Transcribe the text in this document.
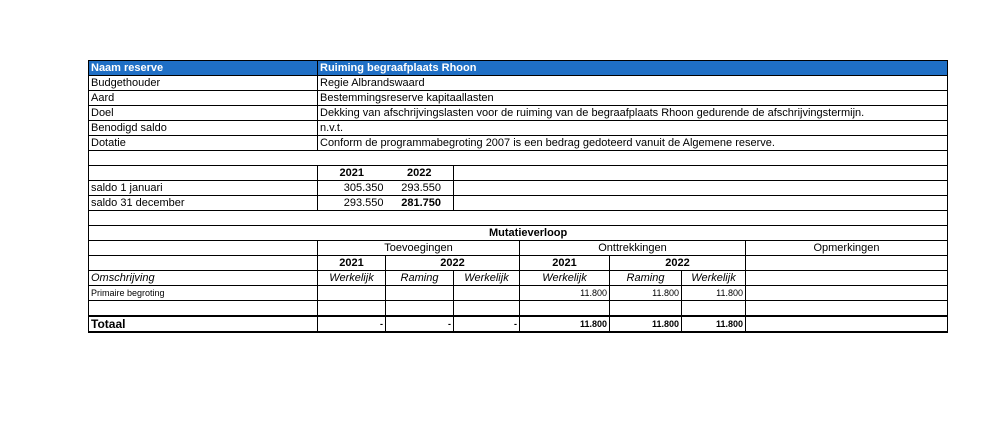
Naam reserve	Ruiming begraafplaats Rhoon						
Budgethouder	Regie Albrandswaard						
Aard	Bestemmingsreserve kapitaallasten						
Doel	Dekking van afschrijvingslasten voor de ruiming van de begraafplaats Rhoon gedurende de afschrijvingstermijn.						
Benodigd saldo	n.v.t.						
Dotatie	Conform de programmabegroting 2007 is een bedrag gedoteerd vanuit de Algemene reserve.						

	2021	2022					
saldo 1 januari	305.350	293.550					
saldo 31 december	293.550	281.750					

Mutatieverloop							
	Toevoegingen			Onttrekkingen			Opmerkingen
	2021	2022		2021	2022		
Omschrijving	Werkelijk	Raming	Werkelijk	Werkelijk	Raming	Werkelijk	
Primaire begroting				11.800	11.800	11.800	

Totaal	-	-	-	11.800	11.800	11.800	
